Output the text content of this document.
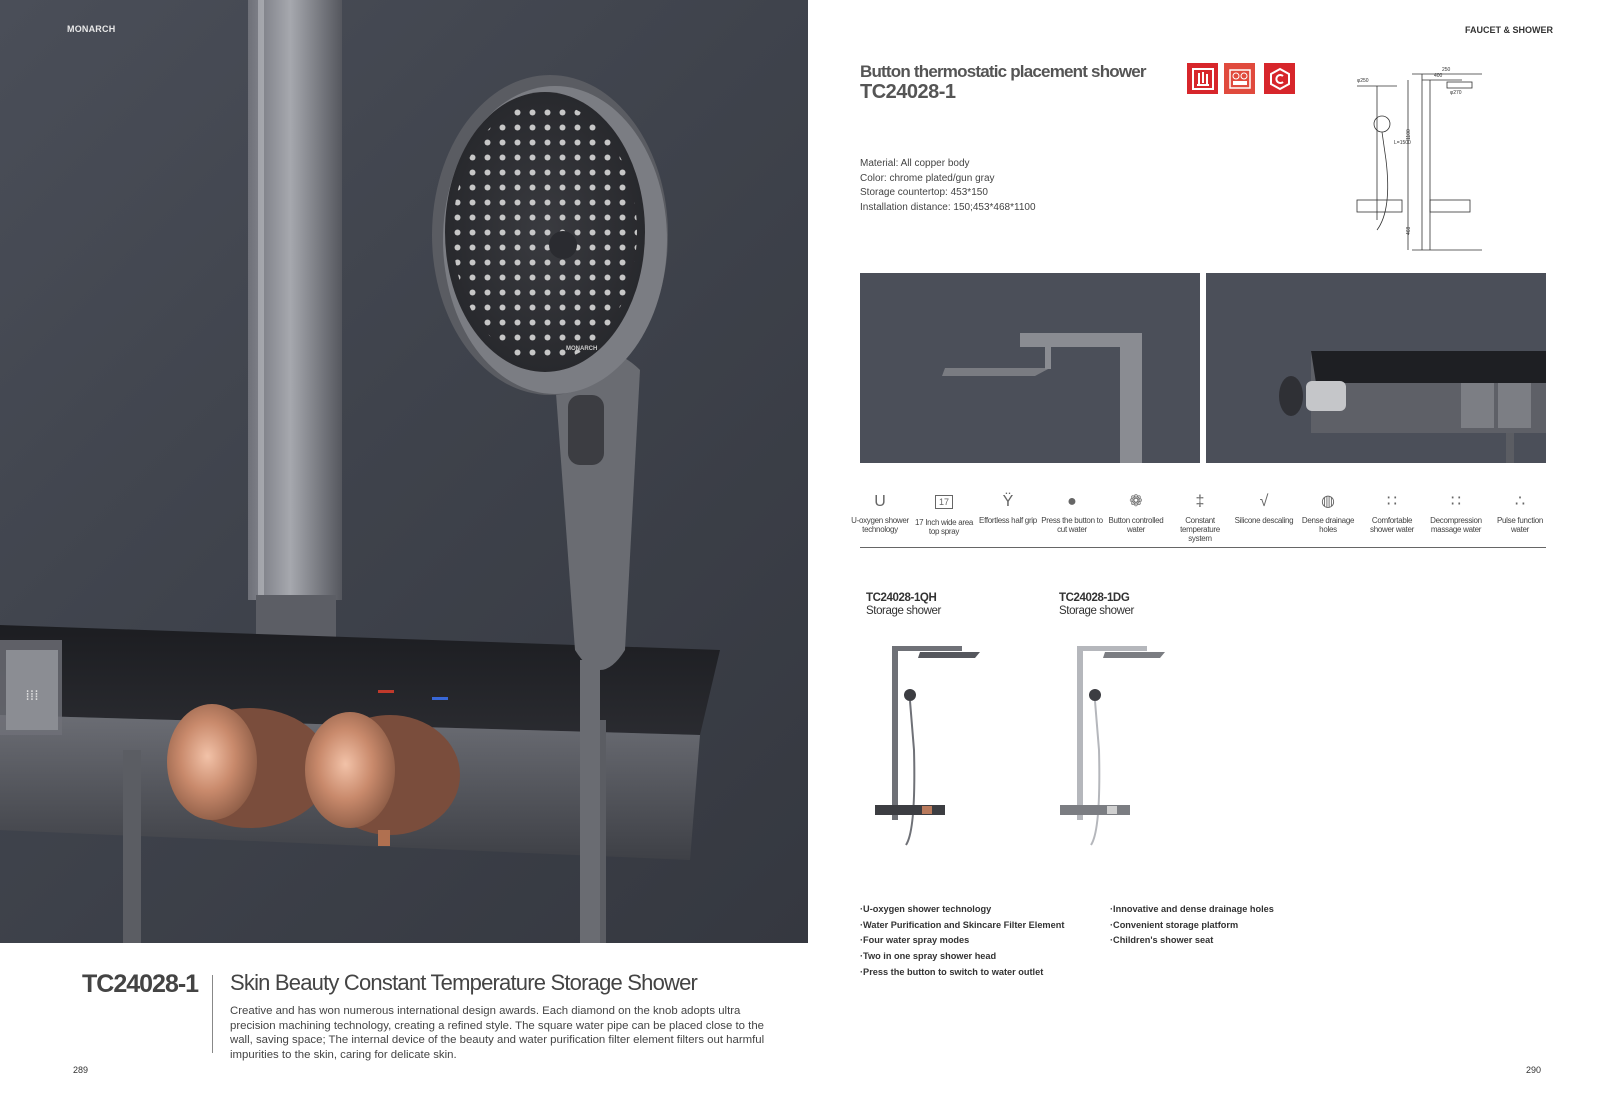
⁞⁞⁞
MONARCH
MONARCH
TC24028-1 Skin Beauty Constant Temperature Storage Shower
Creative and has won numerous international design awards. Each diamond on the knob adopts ultra precision machining technology, creating a refined style. The square water pipe can be placed close to the wall, saving space; The internal device of the beauty and water purification filter element filters out harmful impurities to the skin, caring for delicate skin.
289
FAUCET & SHOWER
Button thermostatic placement shower
TC24028-1
Material: All copper body
Color: chrome plated/gun gray
Storage countertop: 453*150
Installation distance: 150;453*468*1100
φ250
250
400
φ270
L=1500
1100
468
U
U-oxygen shower technology
17
17 Inch wide area top spray
Ÿ
Effortless half grip
●
Press the button to cut water
❁
Button controlled water
‡
Constant temperature system
√
Silicone descaling
◍
Dense drainage holes
∷
Comfortable shower water
∷
Decompression massage water
∴
Pulse function water
TC24028-1QH
Storage shower
TC24028-1DG
Storage shower
·U-oxygen shower technology
·Water Purification and Skincare Filter Element
·Four water spray modes
·Two in one spray shower head
·Press the button to switch to water outlet
·Innovative and dense drainage holes
·Convenient storage platform
·Children's shower seat
290
